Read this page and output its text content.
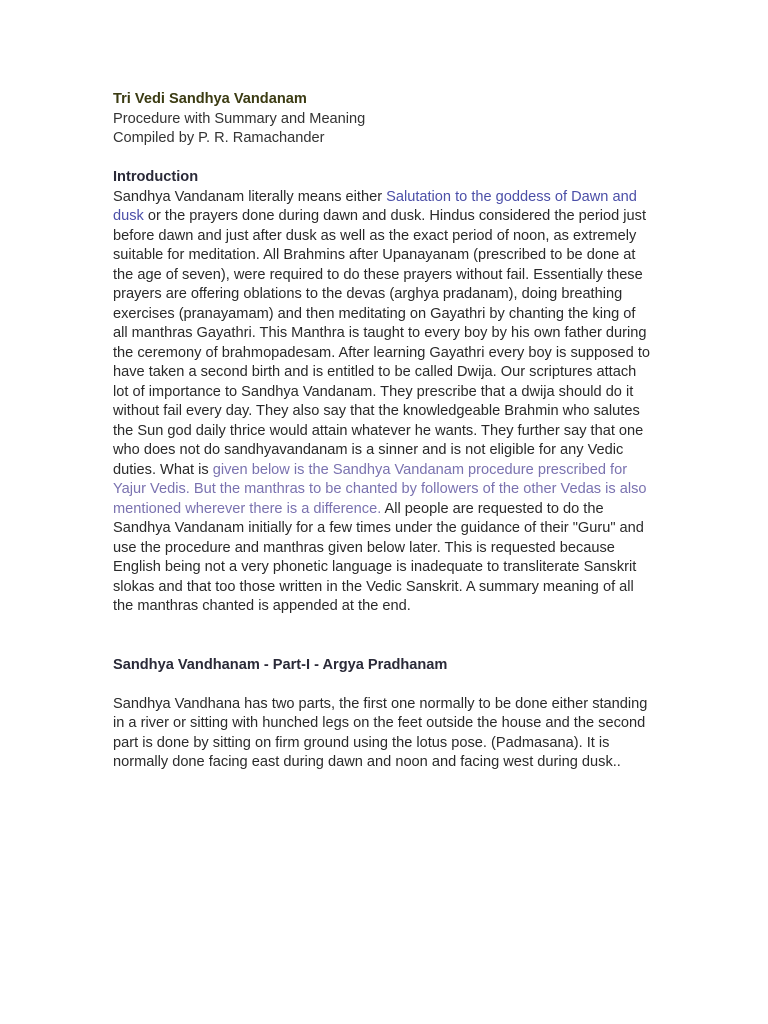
Tri Vedi Sandhya Vandanam
Procedure with Summary and Meaning
Compiled by P. R. Ramachander
Introduction

Sandhya Vandanam literally means either Salutation to the goddess of Dawn and dusk or the prayers done during dawn and dusk. Hindus considered the period just before dawn and just after dusk as well as the exact period of noon, as extremely suitable for meditation. All Brahmins after Upanayanam (prescribed to be done at the age of seven), were required to do these prayers without fail. Essentially these prayers are offering oblations to the devas (arghya pradanam), doing breathing exercises (pranayamam) and then meditating on Gayathri by chanting the king of all manthras Gayathri. This Manthra is taught to every boy by his own father during the ceremony of brahmopadesam. After learning Gayathri every boy is supposed to have taken a second birth and is entitled to be called Dwija. Our scriptures attach lot of importance to Sandhya Vandanam. They prescribe that a dwija should do it without fail every day. They also say that the knowledgeable Brahmin who salutes the Sun god daily thrice would attain whatever he wants. They further say that one who does not do sandhyavandanam is a sinner and is not eligible for any Vedic duties. What is given below is the Sandhya Vandanam procedure prescribed for Yajur Vedis. But the manthras to be chanted by followers of the other Vedas is also mentioned wherever there is a difference. All people are requested to do the Sandhya Vandanam initially for a few times under the guidance of their "Guru" and use the procedure and manthras given below later. This is requested because English being not a very phonetic language is inadequate to transliterate Sanskrit slokas and that too those written in the Vedic Sanskrit. A summary meaning of all the manthras chanted is appended at the end.

Sandhya Vandhanam - Part-I - Argya Pradhanam

Sandhya Vandhana has two parts, the first one normally to be done either standing in a river or sitting with hunched legs on the feet outside the house and the second part is done by sitting on firm ground using the lotus pose. (Padmasana). It is normally done facing east during dawn and noon and facing west during dusk..
